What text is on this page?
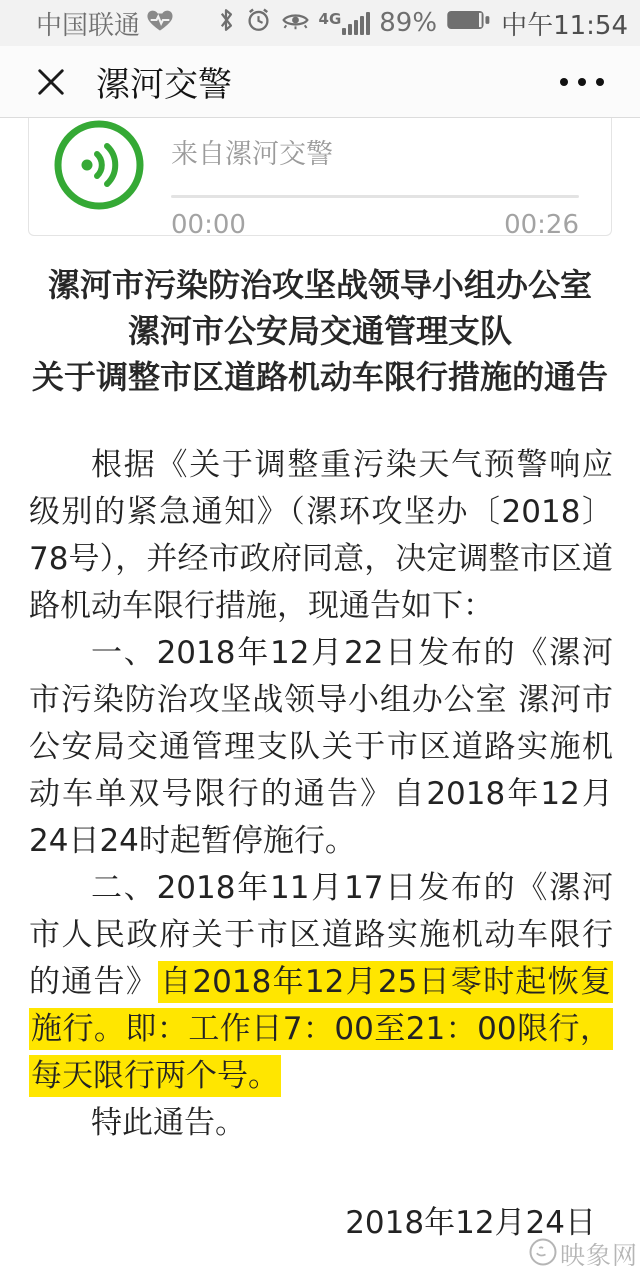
中国联通	4G 89% 中午11:54
漯河交警
来自漯河交警
00:00	00:26
漯河市污染防治攻坚战领导小组办公室
漯河市公安局交通管理支队
关于调整市区道路机动车限行措施的通告

根据《关于调整重污染天气预警响应级别的紧急通知》（漯环攻坚办〔2018〕78号），并经市政府同意，决定调整市区道路机动车限行措施，现通告如下：

一、2018年12月22日发布的《漯河市污染防治攻坚战领导小组办公室 漯河市公安局交通管理支队关于市区道路实施机动车单双号限行的通告》自2018年12月24日24时起暂停施行。

二、2018年11月17日发布的《漯河市人民政府关于市区道路实施机动车限行的通告》自2018年12月25日零时起恢复施行。即：工作日7：00至21：00限行，每天限行两个号。

特此通告。

2018年12月24日
映象网
